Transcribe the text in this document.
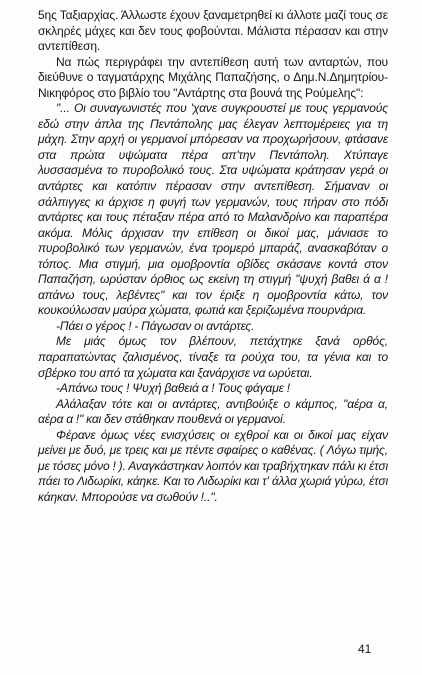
5ης Ταξιαρχίας. Άλλωστε έχουν ξαναμετρηθεί κι άλλοτε μαζί τους σε σκληρές μάχες και δεν τους φοβούνται. Μάλιστα πέρασαν και στην αντεπίθεση.

Να πώς περιγράφει την αντεπίθεση αυτή των ανταρτών, που διεύθυνε ο ταγματάρχης Μιχάλης Παπαζήσης, ο Δημ.Ν.Δημητρίου- Νικηφόρος στο βιβλίο του "Αντάρτης στα βουνά της Ρούμελης":

"... Οι συναγωνιστές που 'χανε συγκρουστεί με τους γερμανούς εδώ στην άπλα της Πεντάπολης μας έλεγαν λεπτομέρειες για τη μάχη. Στην αρχή οι γερμανοί μπόρεσαν να προχωρήσουν, φτάσανε στα πρώτα υψώματα πέρα απ'την Πεντάπολη. Χτύπαγε λυσσασμένα το πυροβολικό τους. Στα υψώματα κράτησαν γερά οι αντάρτες και κατόπιν πέρασαν στην αντεπίθεση. Σήμαναν οι σάλπιγγες κι άρχισε η φυγή των γερμανών, τους πήραν στο πόδι αντάρτες και τους πέταξαν πέρα από το Μαλανδρίνο και παραπέρα ακόμα. Μόλις άρχισαν την επίθεση οι δικοί μας, μάνιασε το πυροβολικό των γερμανών, ένα τρομερό μπαράζ, ανασκαβόταν ο τόπος. Μια στιγμή, μια ομοβροντία οβίδες σκάσανε κοντά στον Παπαζήση, ωρύσταν όρθιος ως εκείνη τη στιγμή "ψυχή βαθει ά α ! απάνω τους, λεβέντες" και τον έριξε η ομοβροντία κάτω, τον κουκούλωσαν μαύρα χώματα, φωτιά και ξεριζωμένα πουρνάρια.

-Πάει ο γέρος ! - Πάγωσαν οι αντάρτες.

Με μιάς όμως τον βλέπουν, πετάχτηκε ξανά ορθός, παραπατώντας ζαλισμένος, τίναξε τα ρούχα του, τα γένια και το σβέρκο του από τα χώματα και ξανάρχισε να ωρύεται.

-Απάνω τους ! Ψυχή βαθειά α ! Τους φάγαμε !

Αλάλαξαν τότε και οι αντάρτες, αντιβούιξε ο κάμπος, "αέρα α, αέρα α !" και δεν στάθηκαν πουθενά οι γερμανοί.

Φέρανε όμως νέες ενισχύσεις οι εχθροί και οι δικοί μας είχαν μείνει με δυό, με τρεις και με πέντε σφαίρες ο καθένας. ( Λόγω τιμής, με τόσες μόνο ! ). Αναγκάστηκαν λοιπόν και τραβήχτηκαν πάλι κι έτσι πάει το Λιδωρίκι, κάηκε. Και το Λιδωρίκι και τ' άλλα χωριά γύρω, έτσι κάηκαν. Μπορούσε να σωθούν !..".

41
